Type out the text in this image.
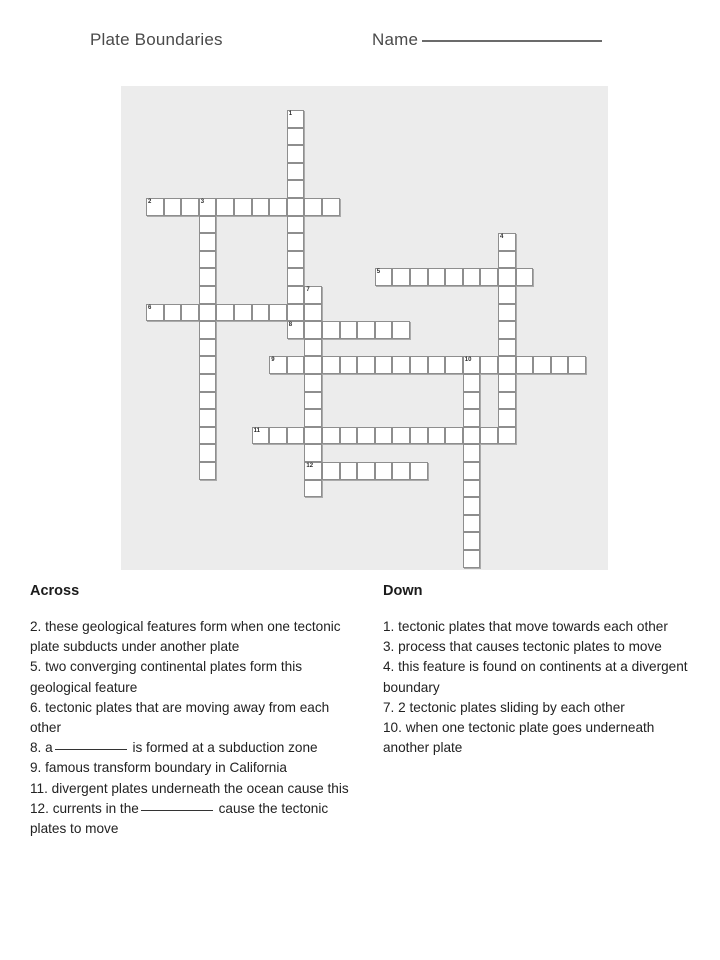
Plate Boundaries	Name
1
2	3
4
5
7
6
8
9	10
11
12
Across
2. these geological features form when one tectonic plate subducts under another plate
5. two converging continental plates form this geological feature
6. tectonic plates that are moving away from each other
8. a	is formed at a subduction zone
9. famous transform boundary in California
11. divergent plates underneath the ocean cause this
12. currents in the	cause the tectonic plates to move
Down
1. tectonic plates that move towards each other
3. process that causes tectonic plates to move
4. this feature is found on continents at a divergent boundary
7. 2 tectonic plates sliding by each other
10. when one tectonic plate goes underneath another plate
